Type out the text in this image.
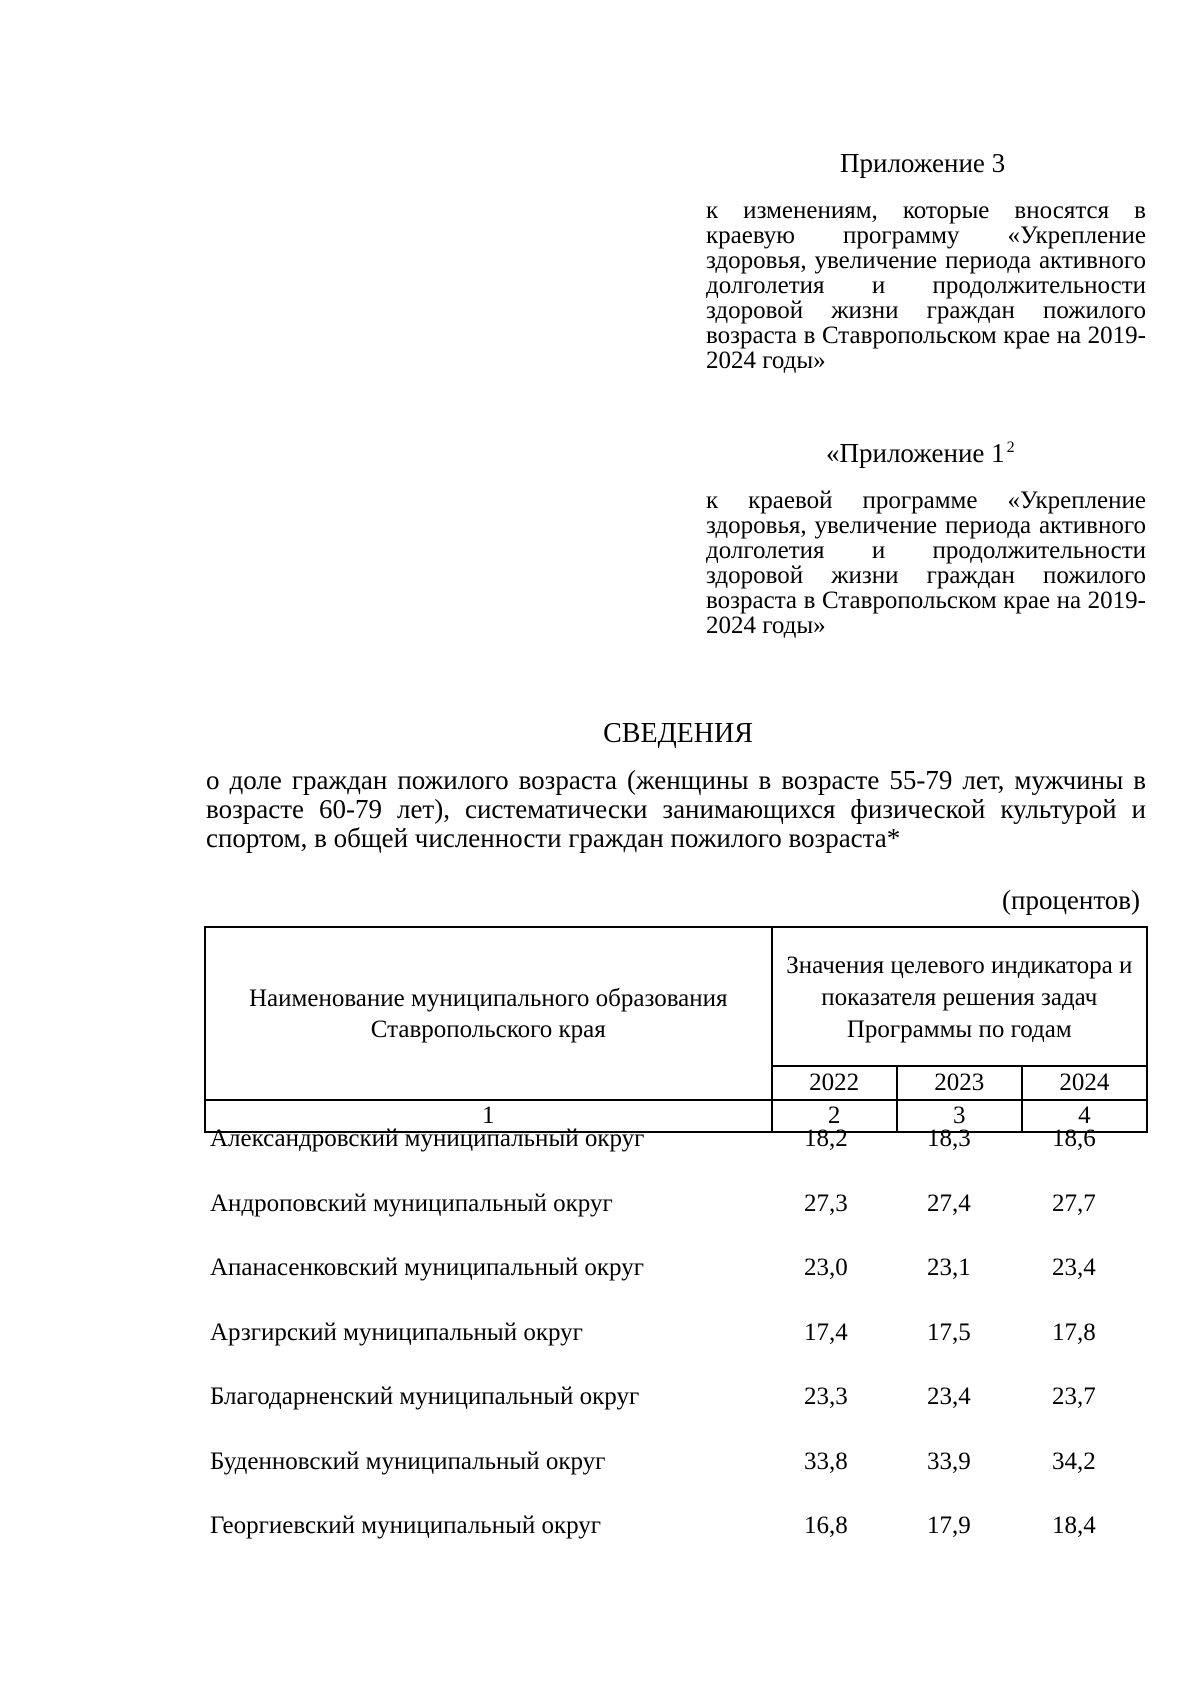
Приложение 3
к изменениям, которые вносятся в краевую программу «Укрепление здоровья, увеличение периода активного долголетия и продолжительности здоровой жизни граждан пожилого возраста в Ставропольском крае на 2019-2024 годы»
«Приложение 1 $^2$
к краевой программе «Укрепление здоровья, увеличение периода активного долголетия и продолжительности здоровой жизни граждан пожилого возраста в Ставропольском крае на 2019-2024 годы»
СВЕДЕНИЯ
о доле граждан пожилого возраста (женщины в возрасте 55-79 лет, мужчины в возрасте 60-79 лет), систематически занимающихся физической культурой и спортом, в общей численности граждан пожилого возраста*
(процентов)
Наименование муниципального образования Ставропольского края	Значения целевого индикатора и показателя решения задач Программы по годам		
	2022	2023	2024
1	2	3	4
Александровский муниципальный округ	18,2	18,3	18,6
Андроповский муниципальный округ	27,3	27,4	27,7
Апанасенковский муниципальный округ	23,0	23,1	23,4
Арзгирский муниципальный округ	17,4	17,5	17,8
Благодарненский муниципальный округ	23,3	23,4	23,7
Буденновский муниципальный округ	33,8	33,9	34,2
Георгиевский муниципальный округ	16,8	17,9	18,4
